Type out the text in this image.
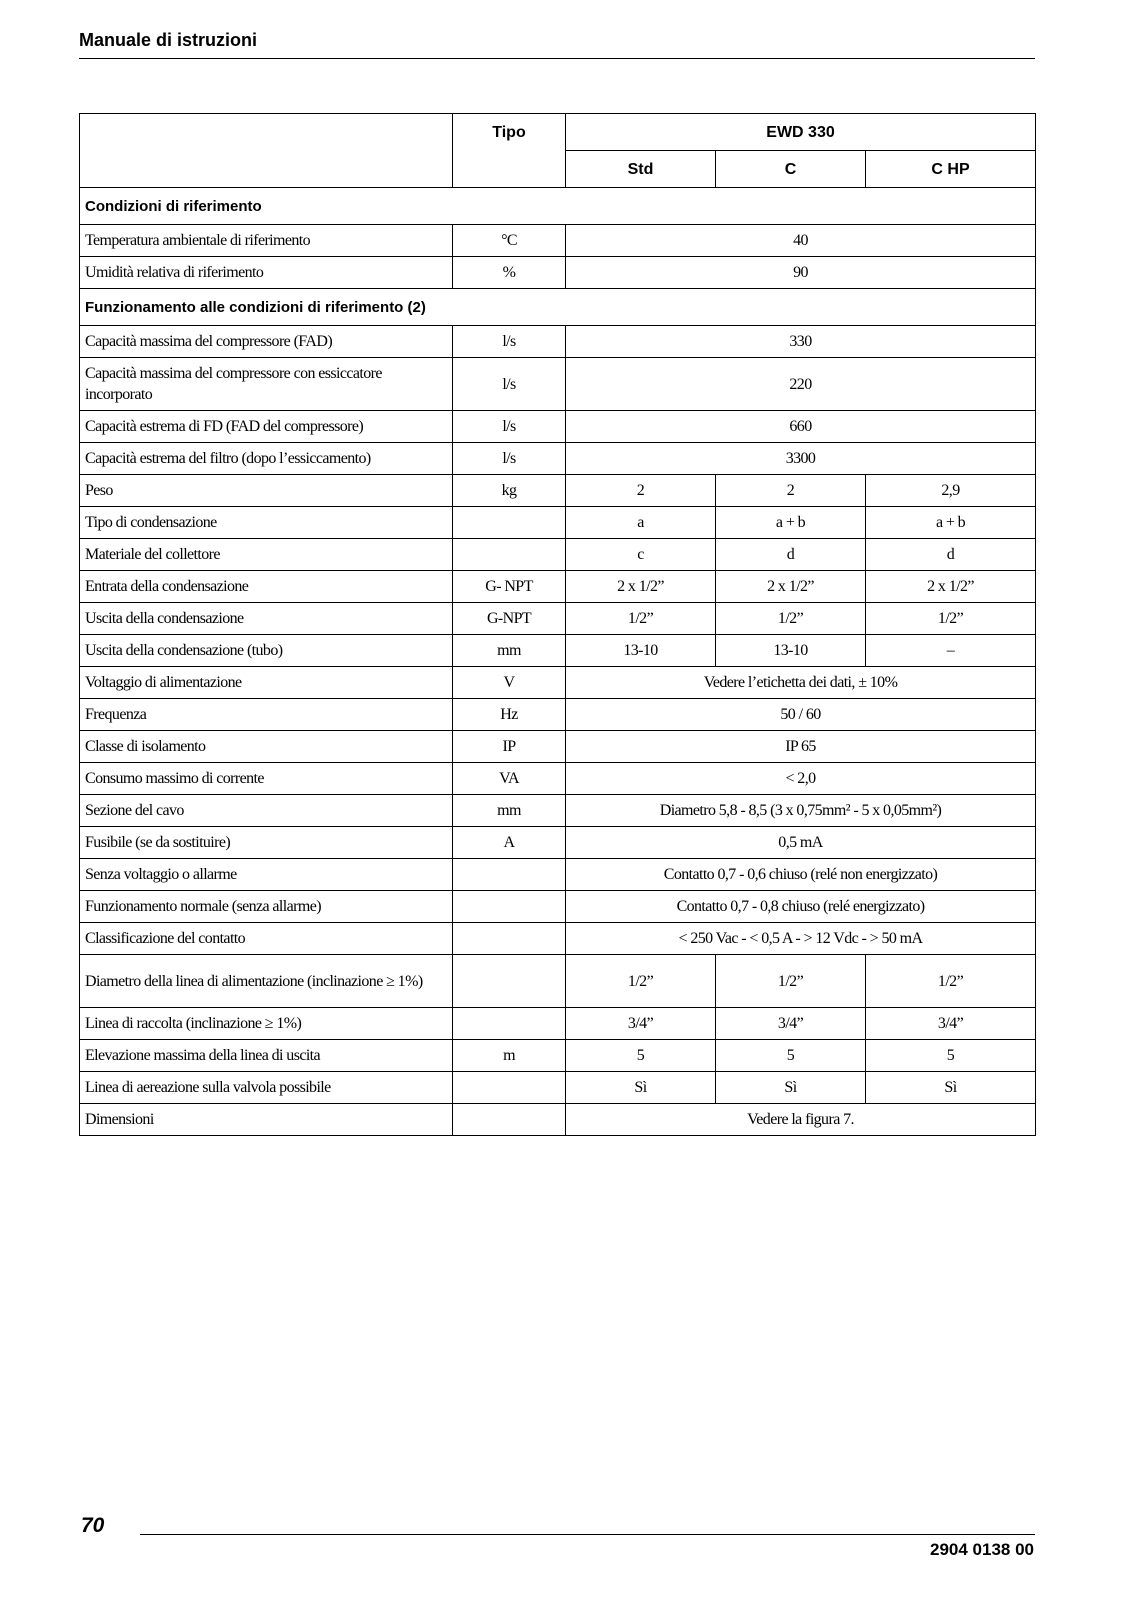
Manuale di istruzioni
	Tipo	EWD 330		
		Std	C	C HP
Condizioni di riferimento				
Temperatura ambientale di riferimento	°C	40		
Umidità relativa di riferimento	%	90		
Funzionamento alle condizioni di riferimento (2)				
Capacità massima del compressore (FAD)	l/s	330		
Capacità massima del compressore con essiccatore incorporato	l/s	220		
Capacità estrema di FD (FAD del compressore)	l/s	660		
Capacità estrema del filtro (dopo l’essiccamento)	l/s	3300		
Peso	kg	2	2	2,9
Tipo di condensazione		a	a + b	a + b
Materiale del collettore		c	d	d
Entrata della condensazione	G- NPT	2 x 1/2”	2 x 1/2”	2 x 1/2”
Uscita della condensazione	G-NPT	1/2”	1/2”	1/2”
Uscita della condensazione (tubo)	mm	13-10	13-10	–
Voltaggio di alimentazione	V	Vedere l’etichetta dei dati, ± 10%		
Frequenza	Hz	50 / 60		
Classe di isolamento	IP	IP 65		
Consumo massimo di corrente	VA	< 2,0		
Sezione del cavo	mm	Diametro 5,8 - 8,5 (3 x 0,75mm² - 5 x 0,05mm²)		
Fusibile (se da sostituire)	A	0,5 mA		
Senza voltaggio o allarme		Contatto 0,7 - 0,6 chiuso (relé non energizzato)		
Funzionamento normale (senza allarme)		Contatto 0,7 - 0,8 chiuso (relé energizzato)		
Classificazione del contatto		< 250 Vac - < 0,5 A - > 12 Vdc - > 50 mA		
Diametro della linea di alimentazione (inclinazione ≥ 1%)		1/2”	1/2”	1/2”
Linea di raccolta (inclinazione ≥ 1%)		3/4”	3/4”	3/4”
Elevazione massima della linea di uscita	m	5	5	5
Linea di aereazione sulla valvola possibile		Sì	Sì	Sì
Dimensioni		Vedere la figura 7.		
70
2904 0138 00
